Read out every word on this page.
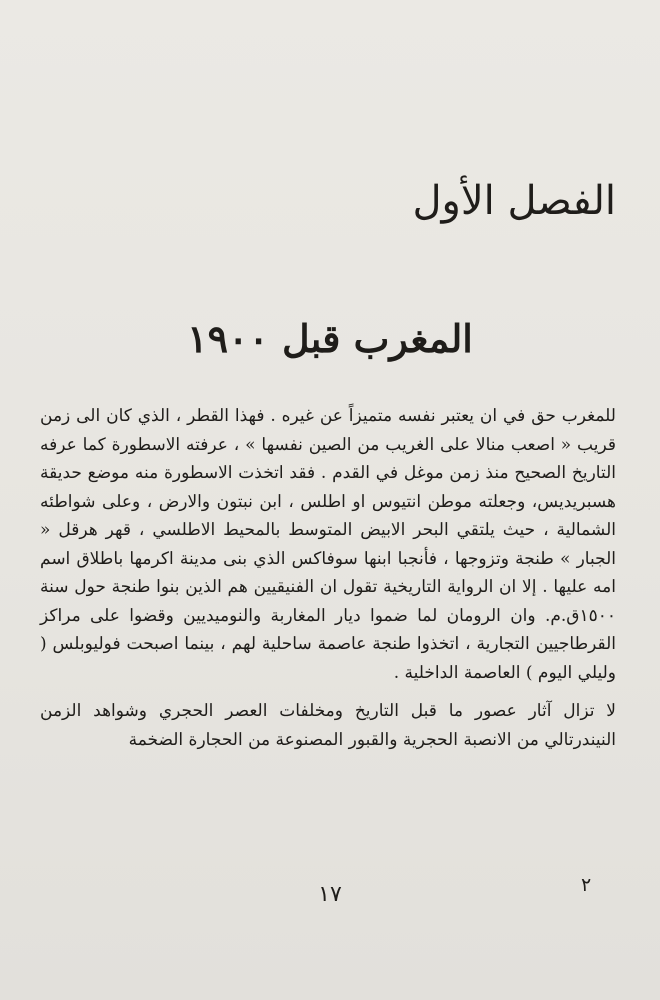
الفصل الأول
المغرب قبل ١٩٠٠

للمغرب حق في ان يعتبر نفسه متميزاً عن غيره . فهذا القطر ، الذي كان الى زمن قريب « اصعب منالا على الغريب من الصين نفسها » ، عرفته الاسطورة كما عرفه التاريخ الصحيح منذ زمن موغل في القدم . فقد اتخذت الاسطورة منه موضع حديقة هسبريديس، وجعلته موطن انتيوس او اطلس ، ابن نبتون والارض ، وعلى شواطئه الشمالية ، حيث يلتقي البحر الابيض المتوسط بالمحيط الاطلسي ، قهر هرقل « الجبار » طنجة وتزوجها ، فأنجبا ابنها سوفاكس الذي بنى مدينة اكرمها باطلاق اسم امه عليها . إلا ان الرواية التاريخية تقول ان الفنيقيين هم الذين بنوا طنجة حول سنة ١٥٠٠ق.م. وان الرومان لما ضموا ديار المغاربة والنوميديين وقضوا على مراكز القرطاجيين التجارية ، اتخذوا طنجة عاصمة ساحلية لهم ، بينما اصبحت فوليوبلس ( وليلي اليوم ) العاصمة الداخلية .

لا تزال آثار عصور ما قبل التاريخ ومخلفات العصر الحجري وشواهد الزمن النيندرتالي من الانصبة الحجرية والقبور المصنوعة من الحجارة الضخمة

٢
١٧
